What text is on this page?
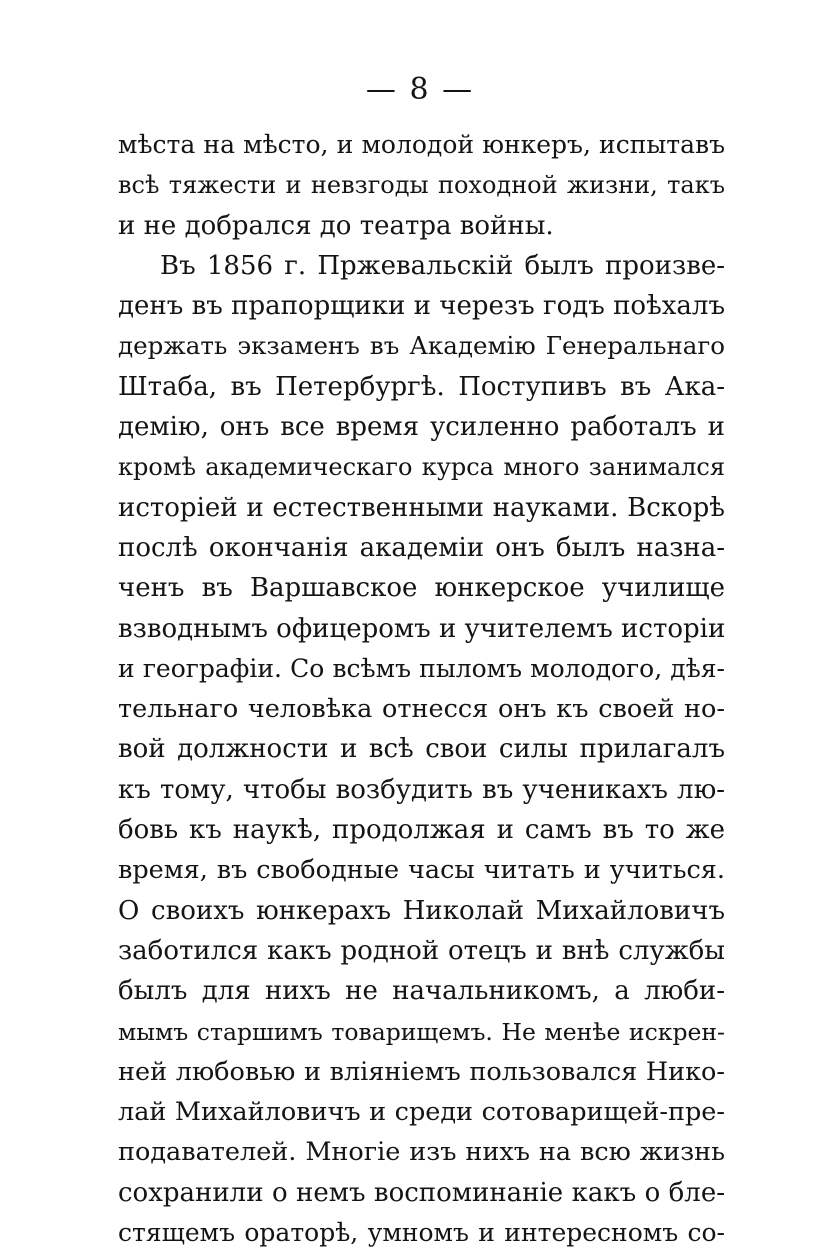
— 8 —
мѣста на мѣсто, и молодой юнкеръ, испытавъ
всѣ тяжести и невзгоды походной жизни, такъ
и не добрался до театра войны.
Въ 1856 г. Пржевальскій былъ произве-
денъ въ прапорщики и черезъ годъ поѣхалъ
держать экзаменъ въ Академію Генеральнаго
Штаба, въ Петербургѣ. Поступивъ въ Ака-
демію, онъ все время усиленно работалъ и
кромѣ академическаго курса много занимался
исторіей и естественными науками. Вскорѣ
послѣ окончанія академіи онъ былъ назна-
ченъ въ Варшавское юнкерское училище
взводнымъ офицеромъ и учителемъ исторіи
и географіи. Со всѣмъ пыломъ молодого, дѣя-
тельнаго человѣка отнесся онъ къ своей но-
вой должности и всѣ свои силы прилагалъ
къ тому, чтобы возбудить въ ученикахъ лю-
бовь къ наукѣ, продолжая и самъ въ то же
время, въ свободные часы читать и учиться.
О своихъ юнкерахъ Николай Михайловичъ
заботился какъ родной отецъ и внѣ службы
былъ для нихъ не начальникомъ, а люби-
мымъ старшимъ товарищемъ. Не менѣе искрен-
ней любовью и вліяніемъ пользовался Нико-
лай Михайловичъ и среди сотоварищей-пре-
подавателей. Многіе изъ нихъ на всю жизнь
сохранили о немъ воспоминаніе какъ о бле-
стящемъ ораторѣ, умномъ и интересномъ со-
